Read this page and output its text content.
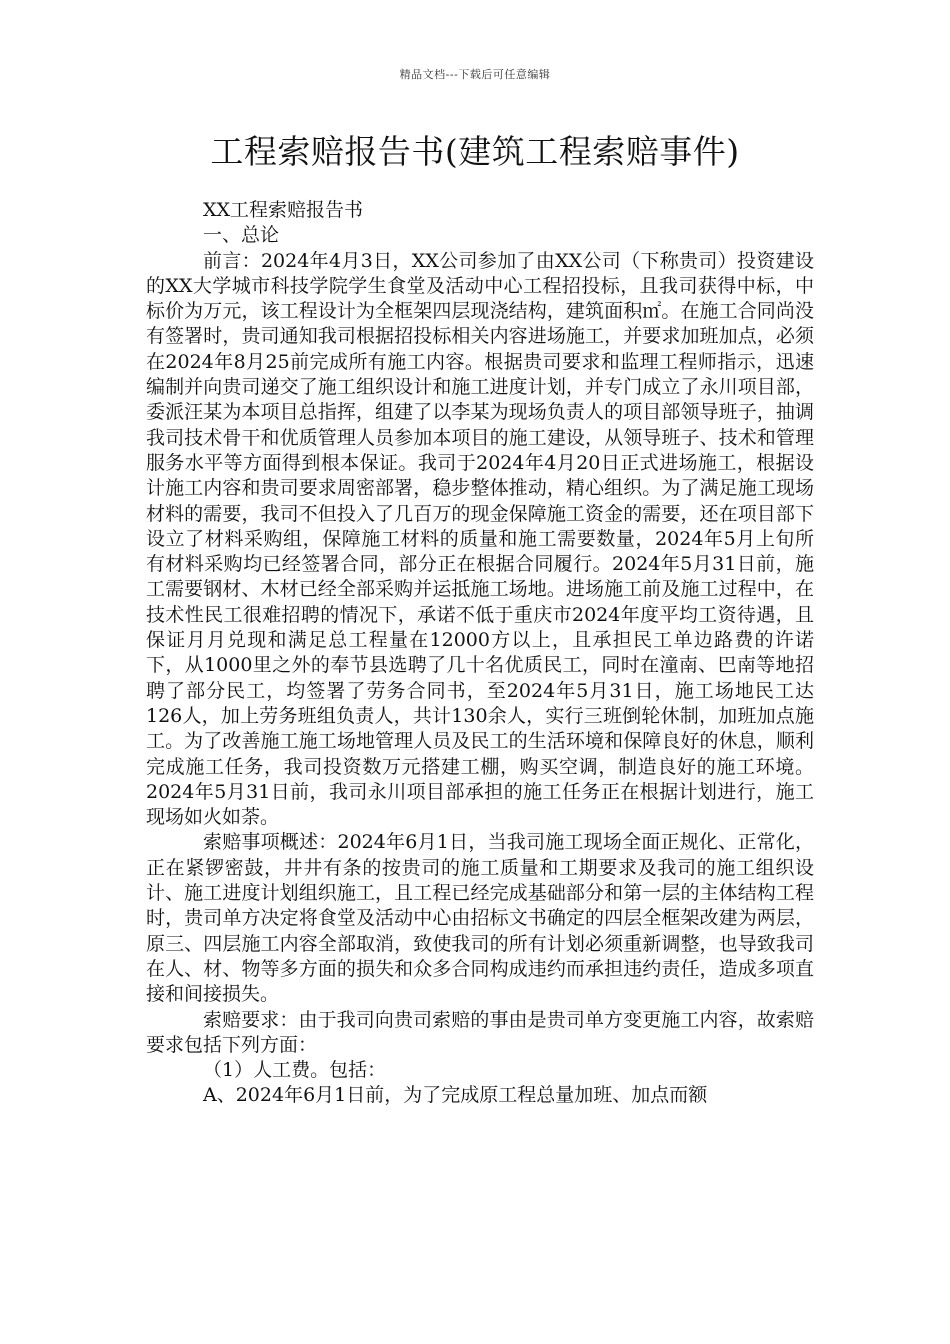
精品文档---下载后可任意编辑
工程索赔报告书(建筑工程索赔事件)

XX工程索赔报告书

一、总论

前言：2024年4月3日，XX公司参加了由XX公司（下称贵司）投资建设的XX大学城市科技学院学生食堂及活动中心工程招投标，且我司获得中标，中标价为万元，该工程设计为全框架四层现浇结构，建筑面积㎡。在施工合同尚没有签署时，贵司通知我司根据招投标相关内容进场施工，并要求加班加点，必须在2024年8月25前完成所有施工内容。根据贵司要求和监理工程师指示，迅速编制并向贵司递交了施工组织设计和施工进度计划，并专门成立了永川项目部，委派汪某为本项目总指挥，组建了以李某为现场负责人的项目部领导班子，抽调我司技术骨干和优质管理人员参加本项目的施工建设，从领导班子、技术和管理服务水平等方面得到根本保证。我司于2024年4月20日正式进场施工，根据设计施工内容和贵司要求周密部署，稳步整体推动，精心组织。为了满足施工现场材料的需要，我司不但投入了几百万的现金保障施工资金的需要，还在项目部下设立了材料采购组，保障施工材料的质量和施工需要数量，2024年5月上旬所有材料采购均已经签署合同，部分正在根据合同履行。2024年5月31日前，施工需要钢材、木材已经全部采购并运抵施工场地。进场施工前及施工过程中，在技术性民工很难招聘的情况下，承诺不低于重庆市2024年度平均工资待遇，且保证月月兑现和满足总工程量在12000方以上，且承担民工单边路费的许诺下，从1000里之外的奉节县选聘了几十名优质民工，同时在潼南、巴南等地招聘了部分民工，均签署了劳务合同书，至2024年5月31日，施工场地民工达126人，加上劳务班组负责人，共计130余人，实行三班倒轮休制，加班加点施工。为了改善施工施工场地管理人员及民工的生活环境和保障良好的休息，顺利完成施工任务，我司投资数万元搭建工棚，购买空调，制造良好的施工环境。2024年5月31日前，我司永川项目部承担的施工任务正在根据计划进行，施工现场如火如荼。

索赔事项概述：2024年6月1日，当我司施工现场全面正规化、正常化，正在紧锣密鼓，井井有条的按贵司的施工质量和工期要求及我司的施工组织设计、施工进度计划组织施工，且工程已经完成基础部分和第一层的主体结构工程时，贵司单方决定将食堂及活动中心由招标文书确定的四层全框架改建为两层，原三、四层施工内容全部取消，致使我司的所有计划必须重新调整，也导致我司在人、材、物等多方面的损失和众多合同构成违约而承担违约责任，造成多项直接和间接损失。

索赔要求：由于我司向贵司索赔的事由是贵司单方变更施工内容，故索赔要求包括下列方面：

（1）人工费。包括：

A、2024年6月1日前，为了完成原工程总量加班、加点而额
